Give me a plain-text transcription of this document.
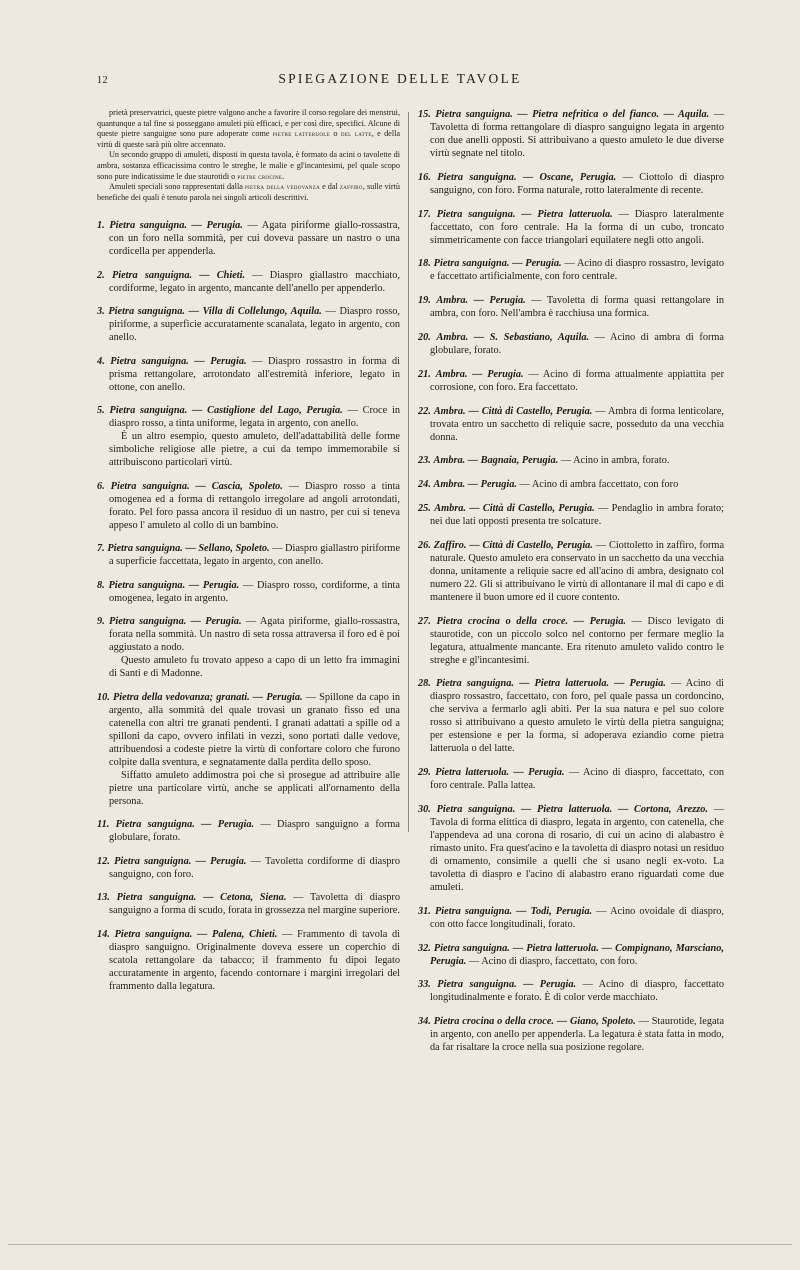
12	SPIEGAZIONE DELLE TAVOLE

prietà preservatrici, queste pietre valgono anche a favorire il corso regolare dei menstrui, quantunque a tal fine si posseggano amuleti più efficaci, e per così dire, specifici. Alcune di queste pietre sanguigne sono pure adoperate come pietre latteruole o del latte, e della virtù di queste sarà più oltre accennato.

Un secondo gruppo di amuleti, disposti in questa tavola, è formato da acini o tavolette di ambra, sostanza efficacissima contro le streghe, le malie e gl'incantesimi, pel quale scopo sono pure indicatissime le due staurotidi o pietre crocine.

Amuleti speciali sono rappresentati dalla pietra della vedovanza e dal zaffiro, sulle virtù benefiche dei quali è tenuto parola nei singoli articoli descrittivi.

1. Pietra sanguigna. — Perugia. — Agata piriforme giallo-rossastra, con un foro nella sommità, per cui doveva passare un nastro o una cordicella per appenderla.

2. Pietra sanguigna. — Chieti. — Diaspro giallastro macchiato, cordiforme, legato in argento, mancante dell'anello per appenderlo.

3. Pietra sanguigna. — Villa di Collelungo, Aquila. — Diaspro rosso, piriforme, a superficie accuratamente scanalata, legato in argento, con anello.

4. Pietra sanguigna. — Perugia. — Diaspro rossastro in forma di prisma rettangolare, arrotondato all'estremità inferiore, legato in ottone, con anello.

5. Pietra sanguigna. — Castiglione del Lago, Perugia. — Croce in diaspro rosso, a tinta uniforme, legata in argento, con anello.
È un altro esempio, questo amuleto, dell'adattabilità delle forme simboliche religiose alle pietre, a cui da tempo immemorabile si attribuiscono particolari virtù.

6. Pietra sanguigna. — Cascia, Spoleto. — Diaspro rosso a tinta omogenea ed a forma di rettangolo irregolare ad angoli arrotondati, forato. Pel foro passa ancora il residuo di un nastro, per cui si teneva appeso l' amuleto al collo di un bambino.

7. Pietra sanguigna. — Sellano, Spoleto. — Diaspro giallastro piriforme a superficie faccettata, legato in argento, con anello.

8. Pietra sanguigna. — Perugia. — Diaspro rosso, cordiforme, a tinta omogenea, legato in argento.

9. Pietra sanguigna. — Perugia. — Agata piriforme, giallo-rossastra, forata nella sommità. Un nastro di seta rossa attraversa il foro ed è poi aggiustato a nodo.
Questo amuleto fu trovato appeso a capo di un letto fra immagini di Santi e di Madonne.

10. Pietra della vedovanza; granati. — Perugia. — Spillone da capo in argento, alla sommità del quale trovasi un granato fisso ed una catenella con altri tre granati pendenti. I granati adattati a spille od a spilloni da capo, ovvero infilati in vezzi, sono portati dalle vedove, attribuendosi a codeste pietre la virtù di confortare coloro che furono colpite dalla sventura, e segnatamente dalla perdita dello sposo.
Siffatto amuleto addimostra poi che si prosegue ad attribuire alle pietre una particolare virtù, anche se applicati all'ornamento della persona.

11. Pietra sanguigna. — Perugia. — Diaspro sanguigno a forma globulare, forato.

12. Pietra sanguigna. — Perugia. — Tavoletta cordiforme di diaspro sanguigno, con foro.

13. Pietra sanguigna. — Cetona, Siena. — Tavoletta di diaspro sanguigno a forma di scudo, forata in grossezza nel margine superiore.

14. Pietra sanguigna. — Palena, Chieti. — Frammento di tavola di diaspro sanguigno. Originalmente doveva essere un coperchio di scatola rettangolare da tabacco; il frammento fu dipoi legato accuratamente in argento, facendo contornare i margini irregolari del frammento dalla legatura.

15. Pietra sanguigna. — Pietra nefritica o del fianco. — Aquila. — Tavoletta di forma rettangolare di diaspro sanguigno legata in argento con due anelli opposti. Si attribuivano a questo amuleto le due diverse virtù segnate nel titolo.

16. Pietra sanguigna. — Oscane, Perugia. — Ciottolo di diaspro sanguigno, con foro. Forma naturale, rotto lateralmente di recente.

17. Pietra sanguigna. — Pietra latteruola. — Diaspro lateralmente faccettato, con foro centrale. Ha la forma di un cubo, troncato simmetricamente con facce triangolari equilatere negli otto angoli.

18. Pietra sanguigna. — Perugia. — Acino di diaspro rossastro, levigato e faccettato artificialmente, con foro centrale.

19. Ambra. — Perugia. — Tavoletta di forma quasi rettangolare in ambra, con foro. Nell'ambra è racchiusa una formica.

20. Ambra. — S. Sebastiano, Aquila. — Acino di ambra di forma globulare, forato.

21. Ambra. — Perugia. — Acino di forma attualmente appiattita per corrosione, con foro. Era faccettato.

22. Ambra. — Città di Castello, Perugia. — Ambra di forma lenticolare, trovata entro un sacchetto di reliquie sacre, posseduto da una vecchia donna.

23. Ambra. — Bagnaia, Perugia. — Acino in ambra, forato.

24. Ambra. — Perugia. — Acino di ambra faccettato, con foro

25. Ambra. — Città di Castello, Perugia. — Pendaglio in ambra forato; nei due lati opposti presenta tre solcature.

26. Zaffiro. — Città di Castello, Perugia. — Ciottoletto in zaffiro, forma naturale. Questo amuleto era conservato in un sacchetto da una vecchia donna, unitamente a reliquie sacre ed all'acino di ambra, designato col numero 22. Gli si attribuivano le virtù di allontanare il mal di capo e di mantenere il buon umore ed il cuore contento.

27. Pietra crocina o della croce. — Perugia. — Disco levigato di staurotide, con un piccolo solco nel contorno per fermare meglio la legatura, attualmente mancante. Era ritenuto amuleto valido contro le streghe e gl'incantesimi.

28. Pietra sanguigna. — Pietra latteruola. — Perugia. — Acino di diaspro rossastro, faccettato, con foro, pel quale passa un cordoncino, che serviva a fermarlo agli abiti. Per la sua natura e pel suo colore rosso si attribuivano a questo amuleto le virtù della pietra sanguigna; per estensione e per la forma, si adoperava eziandio come pietra latteruola o del latte.

29. Pietra latteruola. — Perugia. — Acino di diaspro, faccettato, con foro centrale. Palla lattea.

30. Pietra sanguigna. — Pietra latteruola. — Cortona, Arezzo. — Tavola di forma elittica di diaspro, legata in argento, con catenella, che l'appendeva ad una corona di rosario, di cui un acino di alabastro è rimasto unito. Fra quest'acino e la tavoletta di diaspro notasi un residuo di ornamento, consimile a quelli che si usano negli ex-voto. La tavoletta di diaspro e l'acino di alabastro erano riguardati come due amuleti.

31. Pietra sanguigna. — Todi, Perugia. — Acino ovoidale di diaspro, con otto facce longitudinali, forato.

32. Pietra sanguigna. — Pietra latteruola. — Compignano, Marsciano, Perugia. — Acino di diaspro, faccettato, con foro.

33. Pietra sanguigna. — Perugia. — Acino di diaspro, faccettato longitudinalmente e forato. È di color verde macchiato.

34. Pietra crocina o della croce. — Giano, Spoleto. — Staurotide, legata in argento, con anello per appenderla. La legatura è stata fatta in modo, da far risaltare la croce nella sua posizione regolare.
